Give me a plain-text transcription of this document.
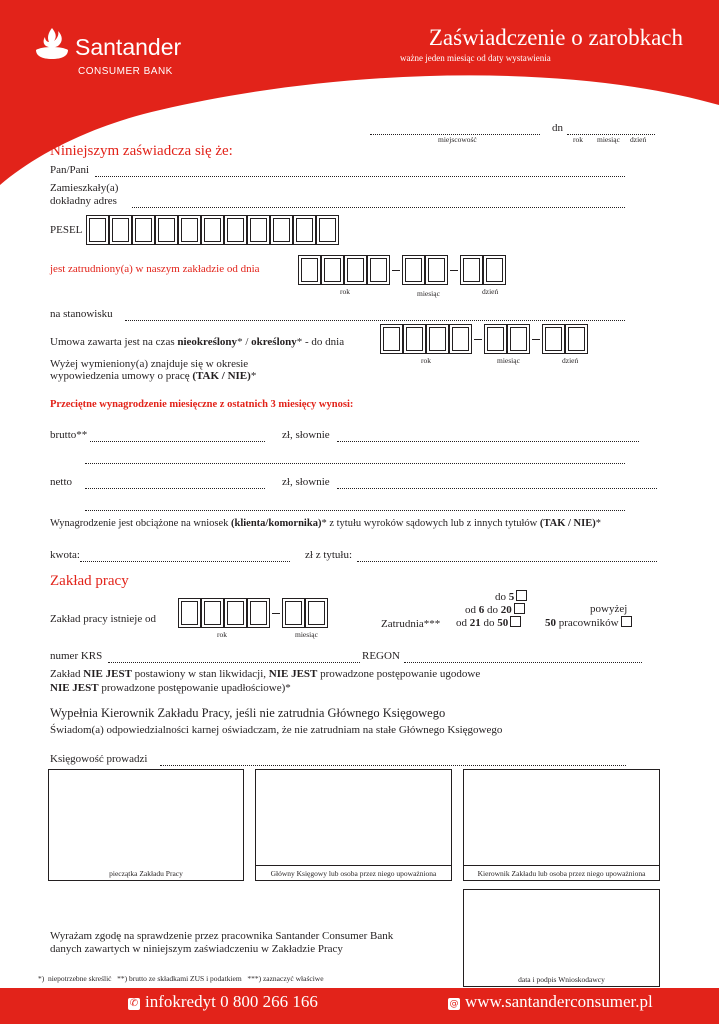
Santander
CONSUMER BANK
Zaświadczenie o zarobkach
ważne jeden miesiąc od daty wystawienia
miejscowość
dn
rok miesiąc dzień
Niniejszym zaświadcza się że:
Pan/Pani
Zamieszkały(a)
dokładny adres
PESEL
jest zatrudniony(a) w naszym zakładzie od dnia
rok	miesiąc	dzień
na stanowisku
Umowa zawarta jest na czas nieokreślony* / określony* - do dnia
rok	miesiąc	dzień
Wyżej wymieniony(a) znajduje się w okresie
wypowiedzenia umowy o pracę (TAK / NIE)*
Przeciętne wynagrodzenie miesięczne z ostatnich 3 miesięcy wynosi:
brutto**	zł, słownie
netto	zł, słownie
Wynagrodzenie jest obciążone na wniosek (klienta/komornika)* z tytułu wyroków sądowych lub z innych tytułów (TAK / NIE)*
kwota:	zł z tytułu:
Zakład pracy
Zakład pracy istnieje od
rok	miesiąc
Zatrudnia***
do 5
od 6 do 20
od 21 do 50
powyżej
50 pracowników
numer KRS	REGON
Zakład NIE JEST postawiony w stan likwidacji, NIE JEST prowadzone postępowanie ugodowe
NIE JEST prowadzone postępowanie upadłościowe)*
Wypełnia Kierownik Zakładu Pracy, jeśli nie zatrudnia Głównego Księgowego
Świadom(a) odpowiedzialności karnej oświadczam, że nie zatrudniam na stałe Głównego Księgowego
Księgowość prowadzi
pieczątka Zakładu Pracy	Główny Księgowy lub osoba przez niego upoważniona	Kierownik Zakładu lub osoba przez niego upoważniona
Wyrażam zgodę na sprawdzenie przez pracownika Santander Consumer Bank
danych zawartych w niniejszym zaświadczeniu w Zakładzie Pracy
data i podpis Wnioskodawcy
*)  niepotrzebne skreślić   **) brutto ze składkami ZUS i podatkiem   ***) zaznaczyć właściwe
✆ infokredyt 0 800 266 166	@ www.santanderconsumer.pl
